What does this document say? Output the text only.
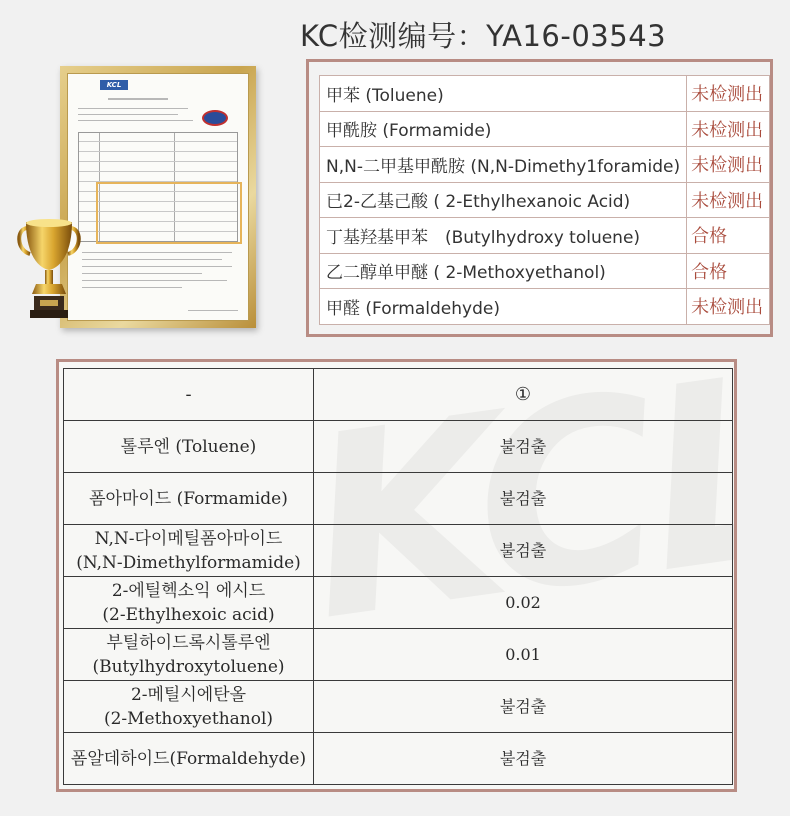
KC检测编号：YA16-03543
KCL
甲苯 (Toluene)	未检测出
甲酰胺 (Formamide)	未检测出
N,N-二甲基甲酰胺 (N,N-Dimethy1foramide)	未检测出
已2-乙基己酸 ( 2-Ethylhexanoic Acid)	未检测出
丁基羟基甲苯　(Butylhydroxy toluene)	合格
乙二醇单甲醚 ( 2-Methoxyethanol)	合格
甲醛 (Formaldehyde)	未检测出
-	①

톨루엔 (Toluene)	불검출

폼아마이드 (Formamide)	불검출

N,N-다이메틸폼아마이드
(N,N-Dimethylformamide)	불검출

2-에틸헥소익 에시드
(2-Ethylhexoic acid)	0.02

부틸하이드록시톨루엔
(Butylhydroxytoluene)	0.01

2-메틸시에탄올
(2-Methoxyethanol)	불검출

폼알데하이드(Formaldehyde)	불검출
